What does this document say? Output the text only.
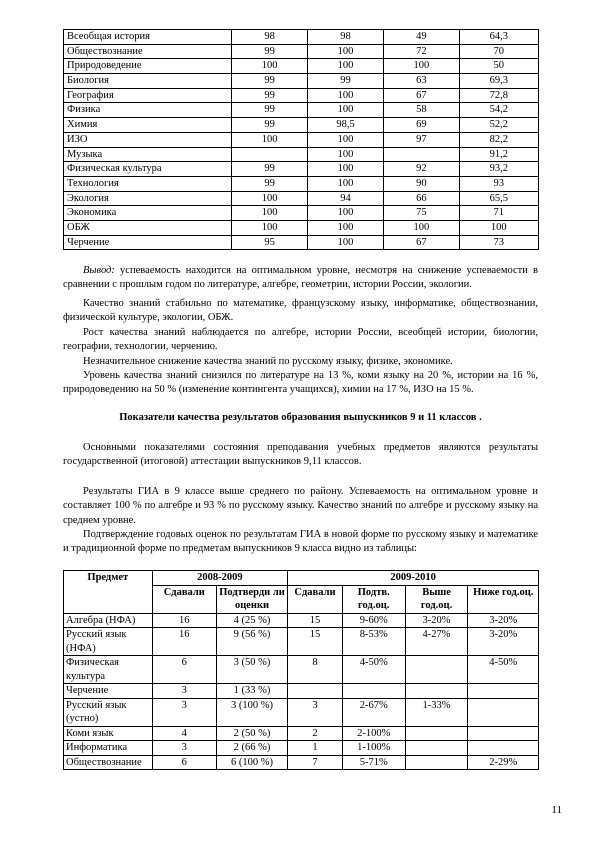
Всеобщая история	98	98	49	64,3
Обществознание	99	100	72	70
Природоведение	100	100	100	50
Биология	99	99	63	69,3
География	99	100	67	72,8
Физика	99	100	58	54,2
Химия	99	98,5	69	52,2
ИЗО	100	100	97	82,2
Музыка		100		91,2
Физическая культура	99	100	92	93,2
Технология	99	100	90	93
Экология	100	94	66	65,5
Экономика	100	100	75	71
ОБЖ	100	100	100	100
Черчение	95	100	67	73
Вывод: успеваемость находится на оптимальном уровне, несмотря на снижение успеваемости в сравнении с прошлым годом по литературе, алгебре, геометрии, истории России, экологии.
Качество знаний стабильно по математике, французскому языку, информатике, обществознании, физической культуре, экологии, ОБЖ.
Рост качества знаний наблюдается по алгебре, истории России, всеобщей истории, биологии, географии, технологии, черчению.
Незначительное снижение качества знаний по русскому языку, физике, экономике.
Уровень качества знаний снизился по литературе на 13 %, коми языку на 20 %, истории на 16 %, природоведению на 50 % (изменение контингента учащихся), химии на 17 %, ИЗО на 15 %.
Показатели качества результатов образования выпускников 9 и 11 классов .
Основными показателями состояния преподавания учебных предметов являются результаты государственной (итоговой) аттестации выпускников 9,11 классов.
Результаты ГИА в 9 классе выше среднего по району. Успеваемость на оптимальном уровне и составляет 100 % по алгебре и 93 % по русскому языку. Качество знаний по алгебре и русскому языку на среднем уровне.
Подтверждение годовых оценок по результатам ГИА в новой форме по русскому языку и математике и традиционной форме по предметам выпускников 9 класса видно из таблицы:
Предмет	2008-2009		2009-2010			
	Сдавали	Подтверди ли оценки	Сдавали	Подтв. год.оц.	Выше год.оц.	Ниже год.оц.
Алгебра (НФА)	16	4 (25 %)	15	9-60%	3-20%	3-20%
Русский язык (НФА)	16	9 (56 %)	15	8-53%	4-27%	3-20%
Физическая культура	6	3 (50 %)	8	4-50%		4-50%
Черчение	3	1 (33 %)				
Русский язык (устно)	3	3 (100 %)	3	2-67%	1-33%	
Коми язык	4	2 (50 %)	2	2-100%		
Информатика	3	2 (66 %)	1	1-100%		
Обществознание	6	6 (100 %)	7	5-71%		2-29%
11
